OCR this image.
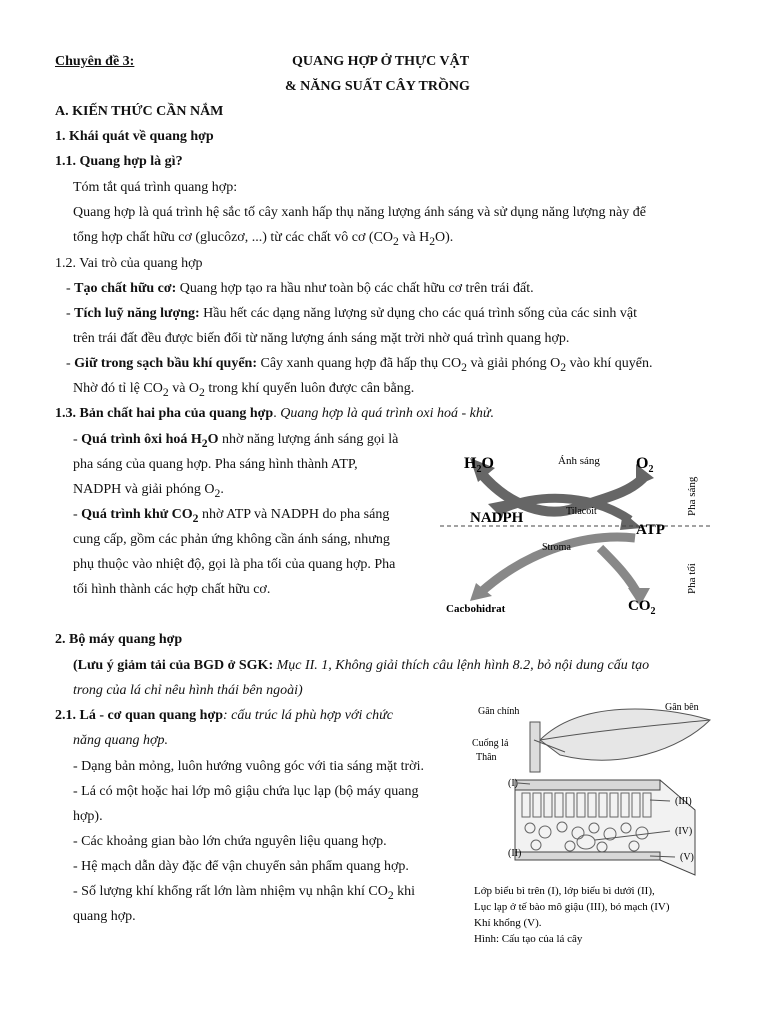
Chuyên đề 3:	QUANG HỢP Ở THỰC VẬT
& NĂNG SUẤT CÂY TRỒNG
A. KIẾN THỨC CẦN NẮM
1. Khái quát về quang hợp
1.1. Quang hợp là gì?
Tóm tắt quá trình quang hợp:
Quang hợp là quá trình hệ sắc tố cây xanh hấp thụ năng lượng ánh sáng và sử dụng năng lượng này để
tổng hợp chất hữu cơ (glucôzơ, ...) từ các chất vô cơ ($CO_2$ và $H_2O$).
1.2. Vai trò của quang hợp
- Tạo chất hữu cơ: Quang hợp tạo ra hầu như toàn bộ các chất hữu cơ trên trái đất.
- Tích luỹ năng lượng: Hầu hết các dạng năng lượng sử dụng cho các quá trình sống của các sinh vật
trên trái đất đều được biến đổi từ năng lượng ánh sáng mặt trời nhờ quá trình quang hợp.
- Giữ trong sạch bầu khí quyển: Cây xanh quang hợp đã hấp thụ $CO_2$ và giải phóng $O_2$ vào khí quyển.
Nhờ đó tỉ lệ $CO_2$ và $O_2$ trong khí quyển luôn được cân bằng.
1.3. Bản chất hai pha của quang hợp. Quang hợp là quá trình oxi hoá - khử.
- Quá trình ôxi hoá $H_2O$ nhờ năng lượng ánh sáng gọi là
pha sáng của quang hợp. Pha sáng hình thành ATP,
NADPH và giải phóng $O_2$.
- Quá trình khử $CO_2$ nhờ ATP và NADPH do pha sáng
cung cấp, gồm các phản ứng không cần ánh sáng, nhưng
phụ thuộc vào nhiệt độ, gọi là pha tối của quang hợp. Pha
tối hình thành các hợp chất hữu cơ.
$H_2O$	Ánh sáng $O_2$
NADPH	Tilacoit
ATP
Stroma
Cacbohidrat	$CO_2$
Pha sáng
Pha tối
2. Bộ máy quang hợp
(Lưu ý giảm tải của BGD ở SGK: Mục II. 1, Không giải thích câu lệnh hình 8.2, bỏ nội dung cấu tạo
trong của lá chỉ nêu hình thái bên ngoài)
2.1. Lá - cơ quan quang hợp: cấu trúc lá phù hợp với chức
năng quang hợp.
- Dạng bản mỏng, luôn hướng vuông góc với tia sáng mặt trời.
- Lá có một hoặc hai lớp mô giậu chứa lục lạp (bộ máy quang
hợp).
- Các khoảng gian bào lớn chứa nguyên liệu quang hợp.
- Hệ mạch dẫn dày đặc để vận chuyển sản phẩm quang hợp.
- Số lượng khí khổng rất lớn làm nhiệm vụ nhận khí $CO_2$ khi
quang hợp.
Gân chính	Gân bên
Cuống lá
Thân
(I)
(II)
(III)
(IV)
(V)
Lớp biểu bì trên (I), lớp biểu bì dưới (II),
Lục lạp ở tế bào mô giậu (III), bó mạch (IV)
Khí khổng (V).
Hình: Cấu tạo của lá cây
